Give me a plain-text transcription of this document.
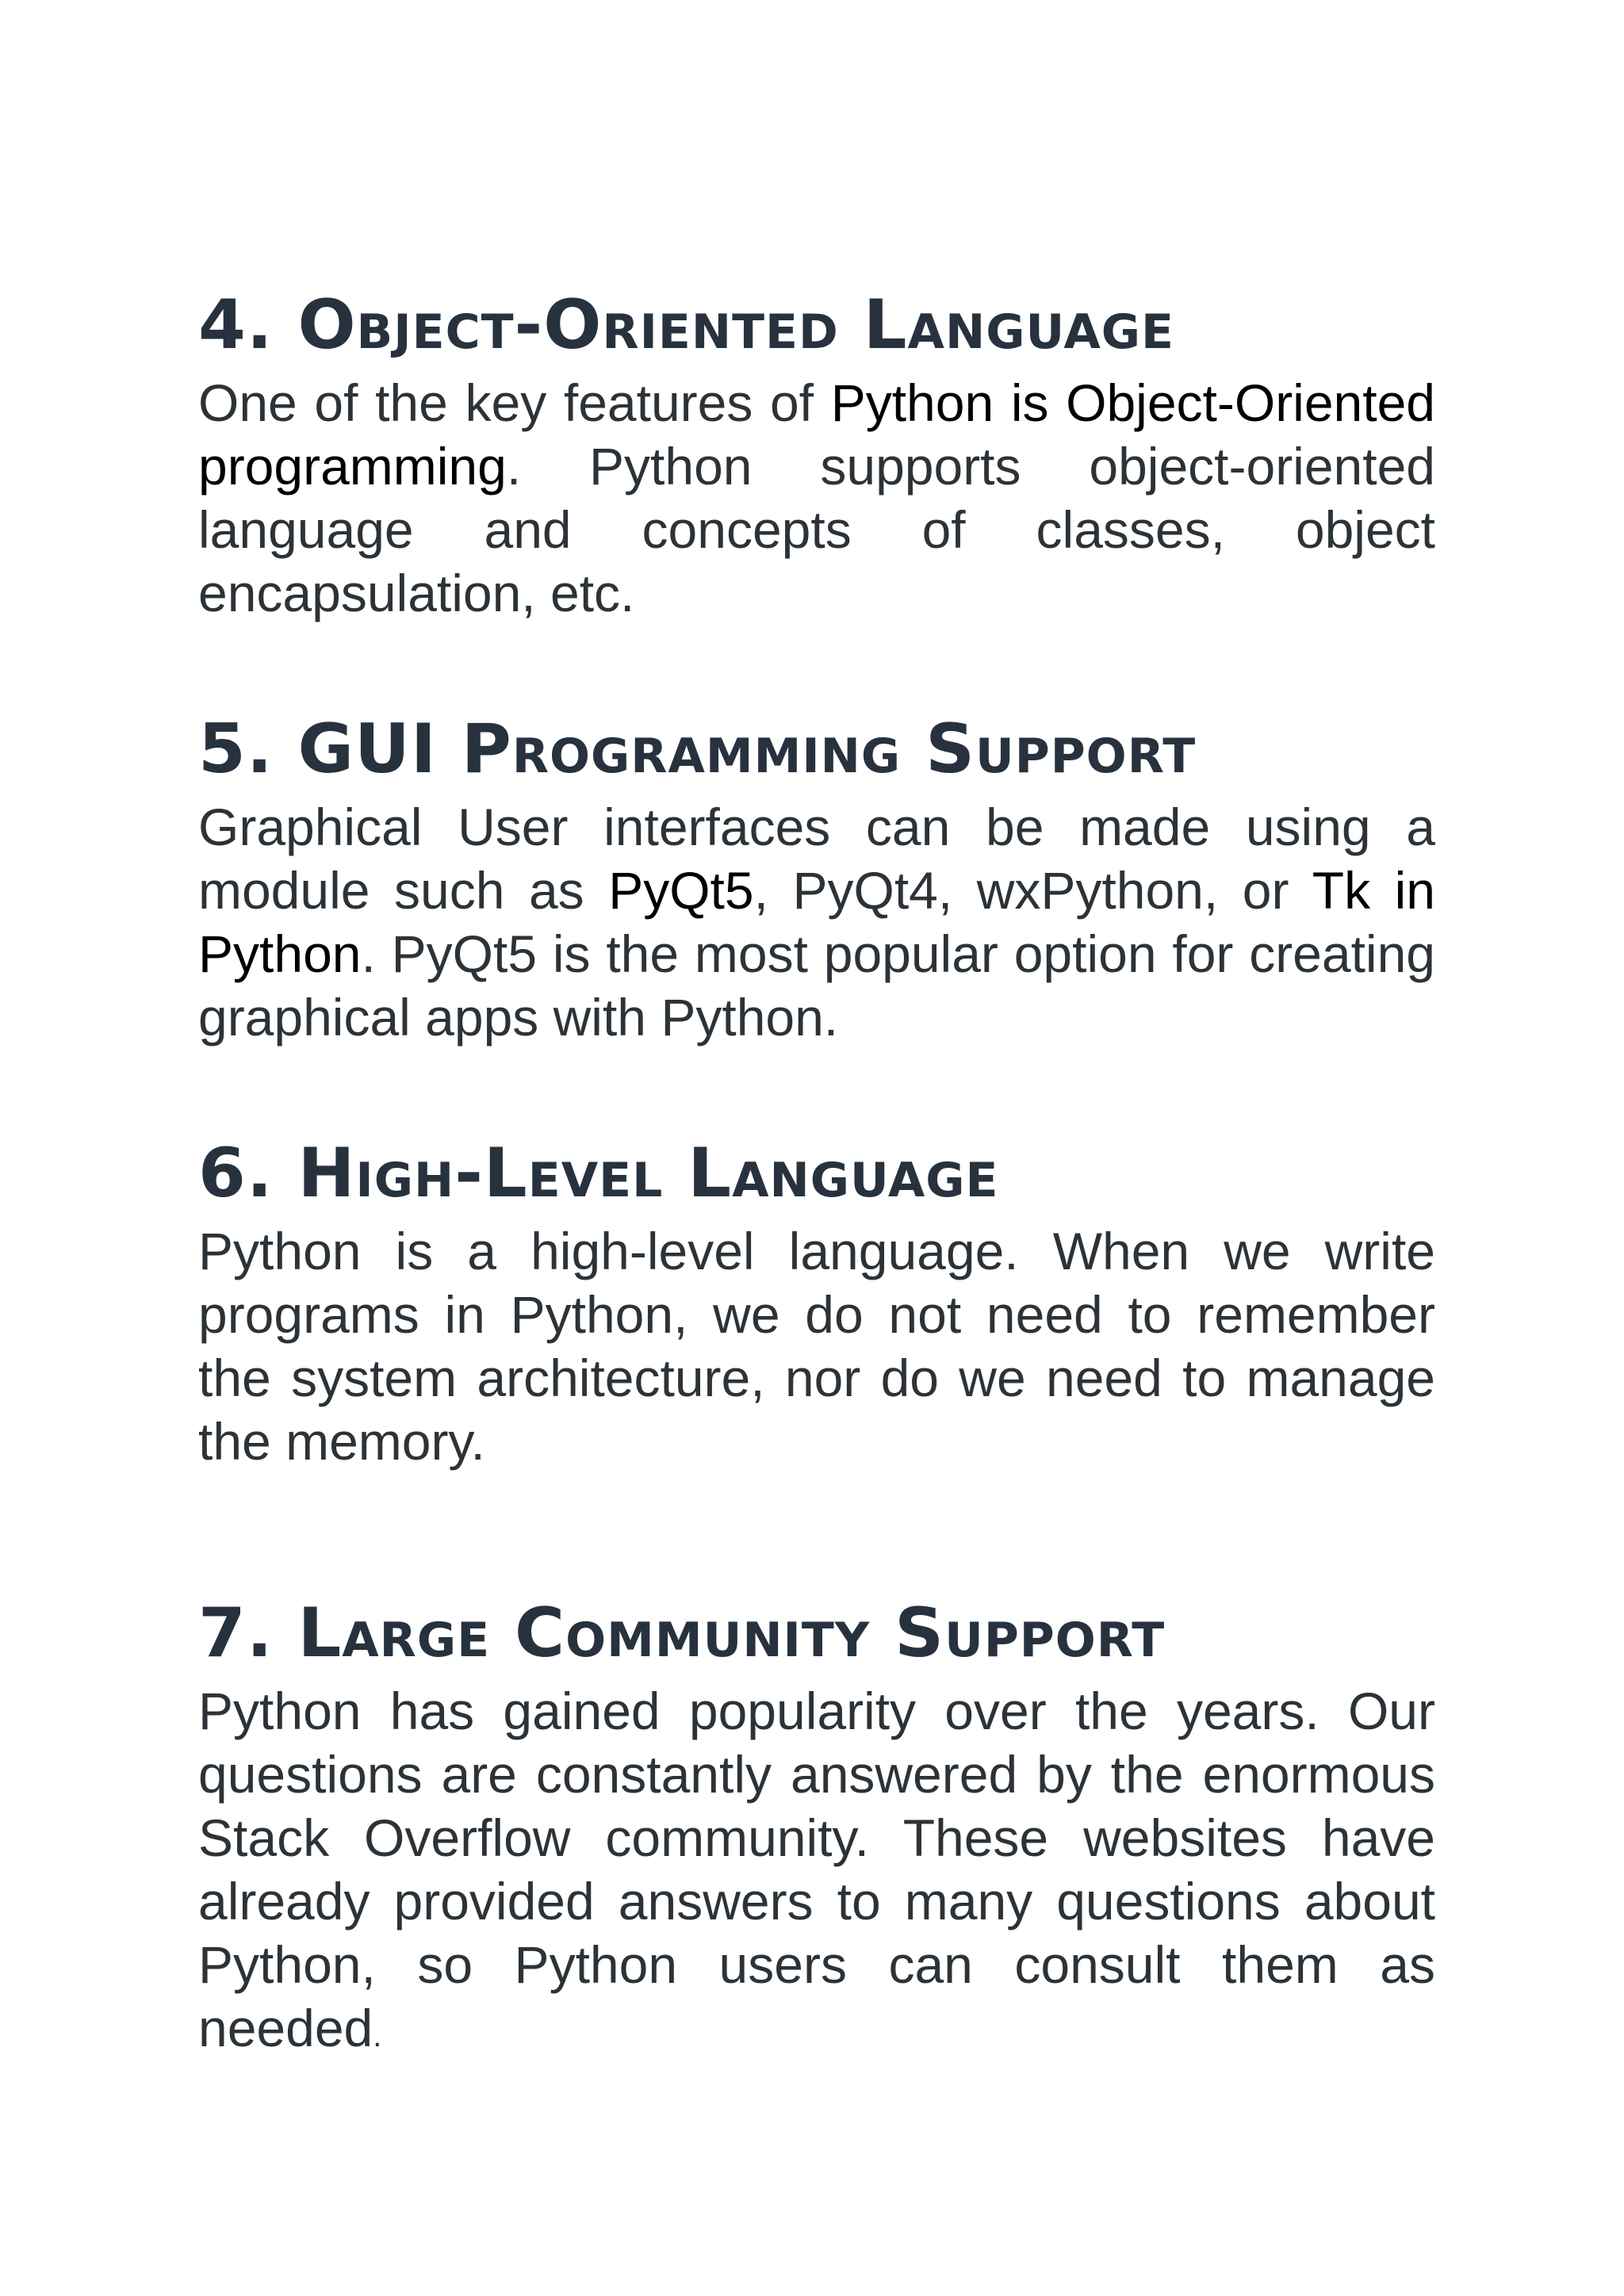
4. Object-Oriented Language

One of the key features of Python is Object-Oriented programming. Python supports object-oriented language and concepts of classes, object encapsulation, etc.

5. GUI Programming Support

Graphical User interfaces can be made using a module such as PyQt5, PyQt4, wxPython, or Tk in Python. PyQt5 is the most popular option for creating graphical apps with Python.

6. High-Level Language

Python is a high-level language. When we write programs in Python, we do not need to remember the system architecture, nor do we need to manage the memory.

7. Large Community Support

Python has gained popularity over the years. Our questions are constantly answered by the enormous Stack Overflow community. These websites have already provided answers to many questions about Python, so Python users can consult them as needed.
